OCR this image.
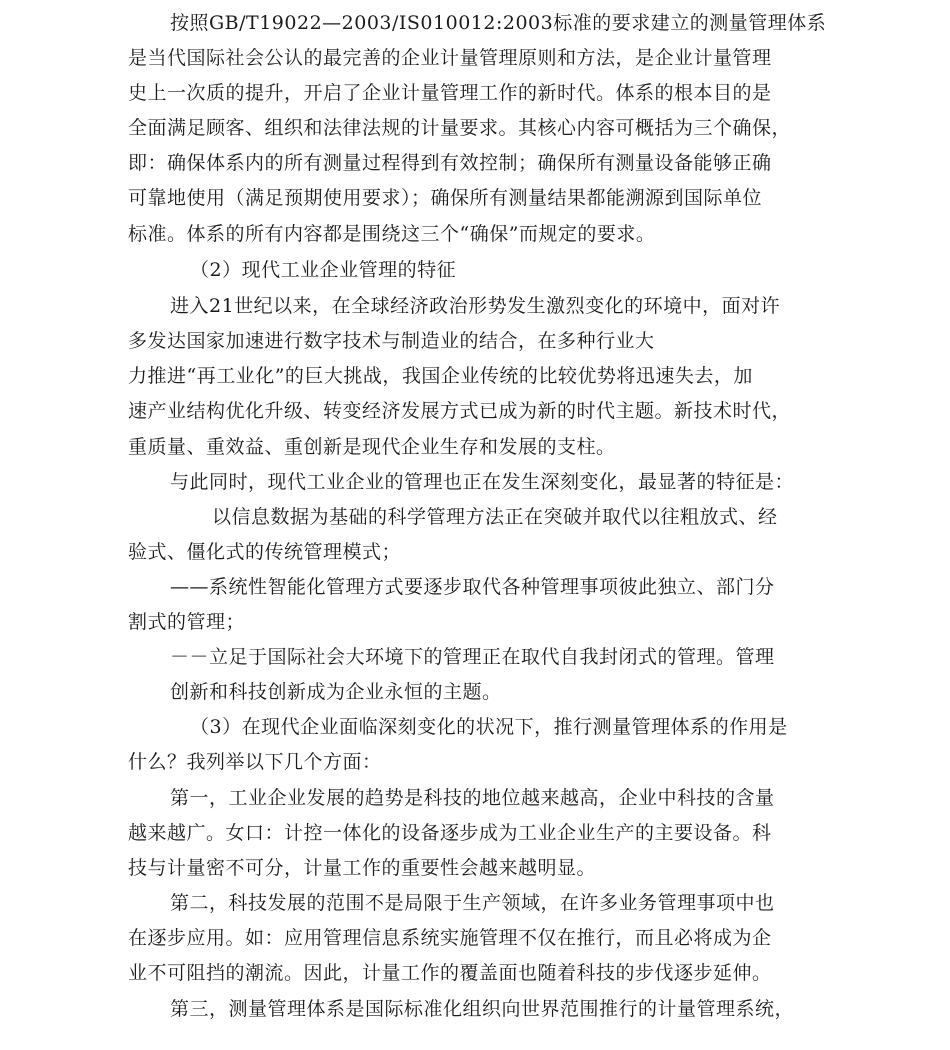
按照GB/T19022—2003/IS010012:2003标准的要求建立的测量管理体系
是当代国际社会公认的最完善的企业计量管理原则和方法，是企业计量管理
史上一次质的提升，开启了企业计量管理工作的新时代。体系的根本目的是
全面满足顾客、组织和法律法规的计量要求。其核心内容可概括为三个确保，
即：确保体系内的所有测量过程得到有效控制；确保所有测量设备能够正确
可靠地使用（满足预期使用要求）；确保所有测量结果都能溯源到国际单位
标准。体系的所有内容都是围绕这三个“确保”而规定的要求。
（2）现代工业企业管理的特征
进入21世纪以来，在全球经济政治形势发生激烈变化的环境中，面对许
多发达国家加速进行数字技术与制造业的结合，在多种行业大
力推进“再工业化”的巨大挑战，我国企业传统的比较优势将迅速失去，加
速产业结构优化升级、转变经济发展方式已成为新的时代主题。新技术时代，
重质量、重效益、重创新是现代企业生存和发展的支柱。
与此同时，现代工业企业的管理也正在发生深刻变化，最显著的特征是：
以信息数据为基础的科学管理方法正在突破并取代以往粗放式、经
验式、僵化式的传统管理模式；
——系统性智能化管理方式要逐步取代各种管理事项彼此独立、部门分
割式的管理；
－－立足于国际社会大环境下的管理正在取代自我封闭式的管理。管理
创新和科技创新成为企业永恒的主题。
（3）在现代企业面临深刻变化的状况下，推行测量管理体系的作用是
什么？我列举以下几个方面：
第一，工业企业发展的趋势是科技的地位越来越高，企业中科技的含量
越来越广。女口：计控一体化的设备逐步成为工业企业生产的主要设备。科
技与计量密不可分，计量工作的重要性会越来越明显。
第二，科技发展的范围不是局限于生产领域，在许多业务管理事项中也
在逐步应用。如：应用管理信息系统实施管理不仅在推行，而且必将成为企
业不可阻挡的潮流。因此，计量工作的覆盖面也随着科技的步伐逐步延伸。
第三，测量管理体系是国际标准化组织向世界范围推行的计量管理系统，
